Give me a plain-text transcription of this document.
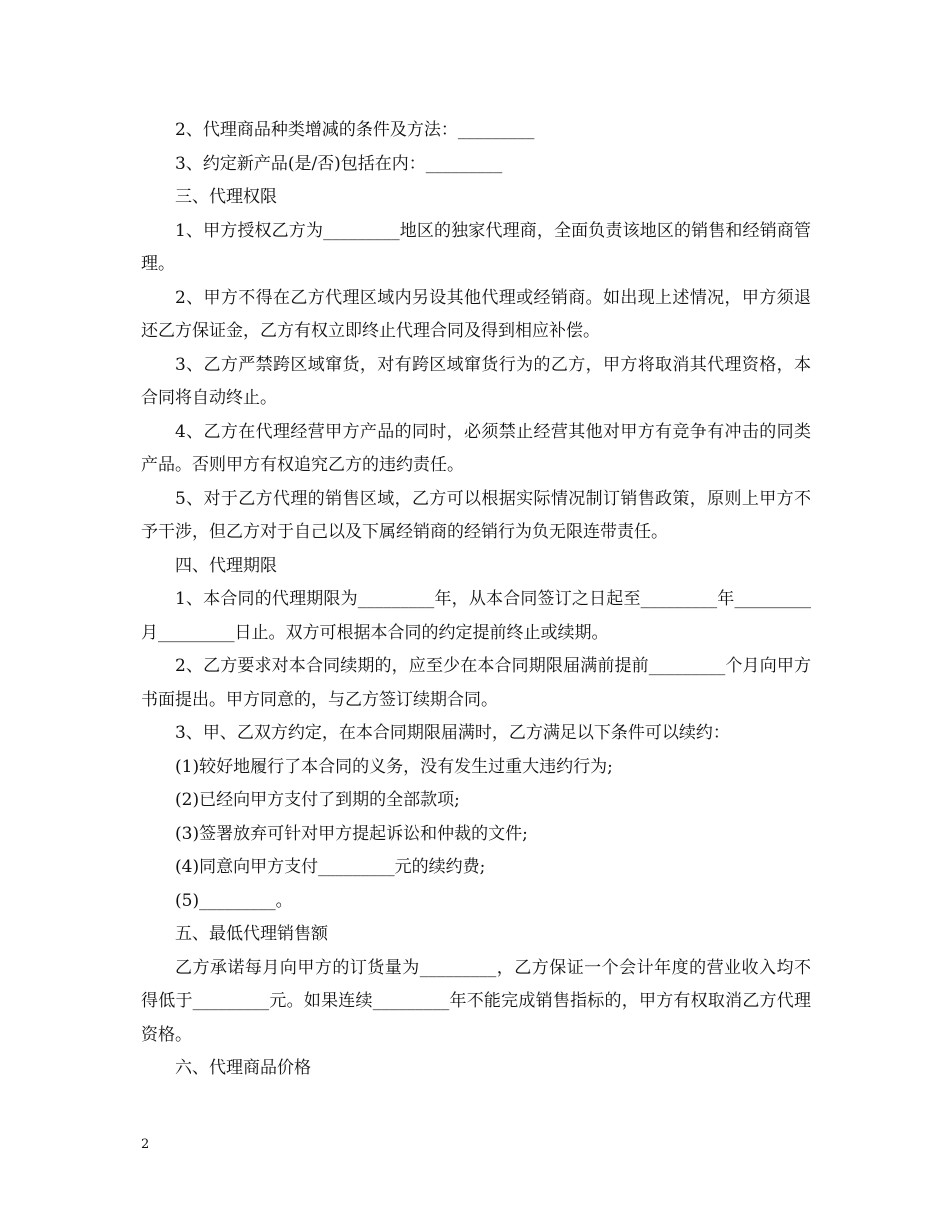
2、代理商品种类增减的条件及方法：_________

3、约定新产品(是/否)包括在内：_________

三、代理权限

1、甲方授权乙方为_________地区的独家代理商，全面负责该地区的销售和经销商管理。

2、甲方不得在乙方代理区域内另设其他代理或经销商。如出现上述情况，甲方须退还乙方保证金，乙方有权立即终止代理合同及得到相应补偿。

3、乙方严禁跨区域窜货，对有跨区域窜货行为的乙方，甲方将取消其代理资格，本合同将自动终止。

4、乙方在代理经营甲方产品的同时，必须禁止经营其他对甲方有竞争有冲击的同类产品。否则甲方有权追究乙方的违约责任。

5、对于乙方代理的销售区域，乙方可以根据实际情况制订销售政策，原则上甲方不予干涉，但乙方对于自己以及下属经销商的经销行为负无限连带责任。

四、代理期限

1、本合同的代理期限为_________年，从本合同签订之日起至_________年_________月_________日止。双方可根据本合同的约定提前终止或续期。

2、乙方要求对本合同续期的，应至少在本合同期限届满前提前_________个月向甲方书面提出。甲方同意的，与乙方签订续期合同。

3、甲、乙双方约定，在本合同期限届满时，乙方满足以下条件可以续约：

(1)较好地履行了本合同的义务，没有发生过重大违约行为;

(2)已经向甲方支付了到期的全部款项;

(3)签署放弃可针对甲方提起诉讼和仲裁的文件;

(4)同意向甲方支付_________元的续约费;

(5)_________。

五、最低代理销售额

乙方承诺每月向甲方的订货量为_________，乙方保证一个会计年度的营业收入均不得低于_________元。如果连续_________年不能完成销售指标的，甲方有权取消乙方代理资格。

六、代理商品价格

2
